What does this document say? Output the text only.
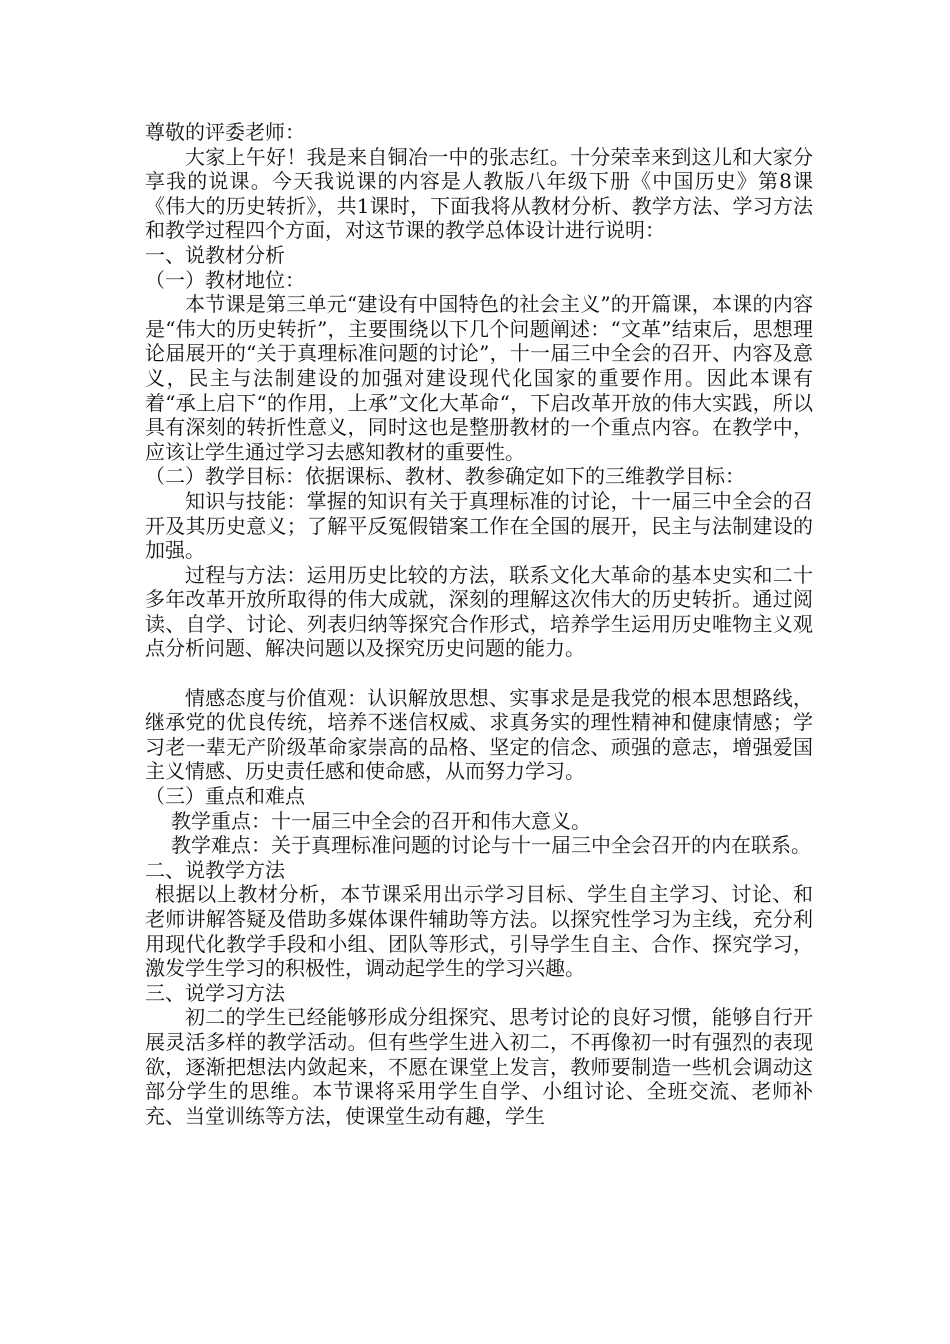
尊敬的评委老师：

大家上午好！我是来自铜冶一中的张志红。十分荣幸来到这儿和大家分享我的说课。今天我说课的内容是人教版八年级下册《中国历史》第8课《伟大的历史转折》，共1课时，下面我将从教材分析、教学方法、学习方法和教学过程四个方面，对这节课的教学总体设计进行说明：

一、说教材分析
（一）教材地位：

本节课是第三单元“建设有中国特色的社会主义”的开篇课，本课的内容是“伟大的历史转折”，主要围绕以下几个问题阐述：“文革”结束后，思想理论届展开的“关于真理标准问题的讨论”，十一届三中全会的召开、内容及意义，民主与法制建设的加强对建设现代化国家的重要作用。因此本课有着“承上启下“的作用，上承”文化大革命“，下启改革开放的伟大实践，所以具有深刻的转折性意义，同时这也是整册教材的一个重点内容。在教学中，应该让学生通过学习去感知教材的重要性。

（二）教学目标：依据课标、教材、教参确定如下的三维教学目标：

知识与技能：掌握的知识有关于真理标准的讨论，十一届三中全会的召开及其历史意义；了解平反冤假错案工作在全国的展开，民主与法制建设的加强。

过程与方法：运用历史比较的方法，联系文化大革命的基本史实和二十多年改革开放所取得的伟大成就，深刻的理解这次伟大的历史转折。通过阅读、自学、讨论、列表归纳等探究合作形式，培养学生运用历史唯物主义观点分析问题、解决问题以及探究历史问题的能力。

情感态度与价值观：认识解放思想、实事求是是我党的根本思想路线，继承党的优良传统，培养不迷信权威、求真务实的理性精神和健康情感；学习老一辈无产阶级革命家崇高的品格、坚定的信念、顽强的意志，增强爱国主义情感、历史责任感和使命感，从而努力学习。

（三）重点和难点

教学重点：十一届三中全会的召开和伟大意义。

教学难点：关于真理标准问题的讨论与十一届三中全会召开的内在联系。

二、说教学方法

根据以上教材分析，本节课采用出示学习目标、学生自主学习、讨论、和老师讲解答疑及借助多媒体课件辅助等方法。以探究性学习为主线，充分利用现代化教学手段和小组、团队等形式，引导学生自主、合作、探究学习，激发学生学习的积极性，调动起学生的学习兴趣。

三、说学习方法

初二的学生已经能够形成分组探究、思考讨论的良好习惯，能够自行开展灵活多样的教学活动。但有些学生进入初二，不再像初一时有强烈的表现欲，逐渐把想法内敛起来，不愿在课堂上发言，教师要制造一些机会调动这部分学生的思维。本节课将采用学生自学、小组讨论、全班交流、老师补充、当堂训练等方法，使课堂生动有趣，学生
